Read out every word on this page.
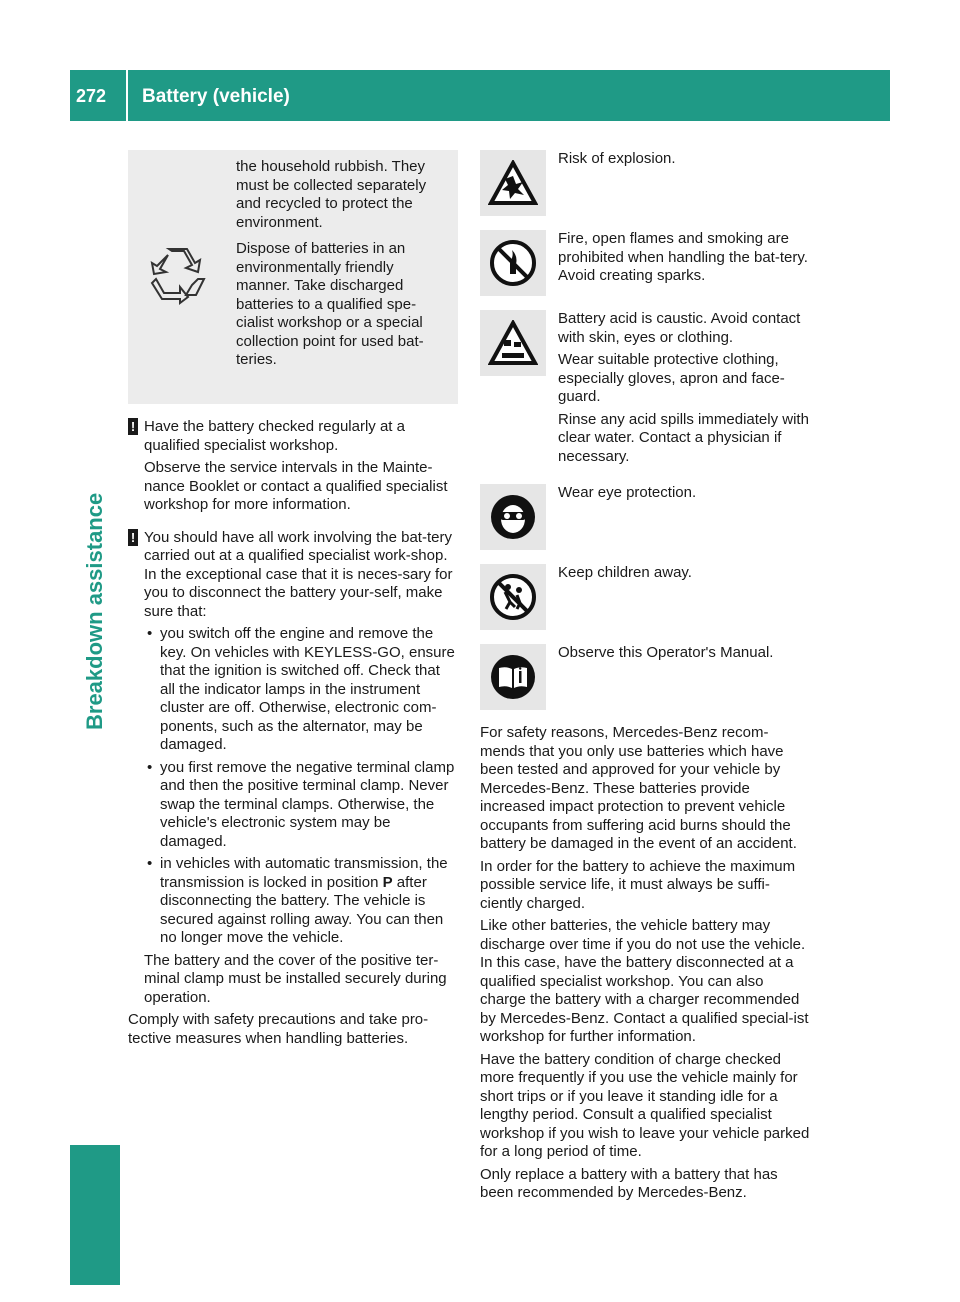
272 Battery (vehicle)
Breakdown assistance

the household rubbish. They must be collected separately and recycled to protect the environment.

Dispose of batteries in an environmentally friendly manner. Take discharged batteries to a qualified spe-cialist workshop or a special collection point for used bat-teries.

! Have the battery checked regularly at a qualified specialist workshop.

Observe the service intervals in the Mainte-nance Booklet or contact a qualified specialist workshop for more information.

! You should have all work involving the bat-tery carried out at a qualified specialist work-shop. In the exceptional case that it is neces-sary for you to disconnect the battery your-self, make sure that:

• you switch off the engine and remove the key. On vehicles with KEYLESS-GO, ensure that the ignition is switched off. Check that all the indicator lamps in the instrument cluster are off. Otherwise, electronic com-ponents, such as the alternator, may be damaged.
• you first remove the negative terminal clamp and then the positive terminal clamp. Never swap the terminal clamps. Otherwise, the vehicle's electronic system may be damaged.
• in vehicles with automatic transmission, the transmission is locked in position P after disconnecting the battery. The vehicle is secured against rolling away. You can then no longer move the vehicle.

The battery and the cover of the positive ter-minal clamp must be installed securely during operation.

Comply with safety precautions and take pro-tective measures when handling batteries.

Risk of explosion.

Fire, open flames and smoking are prohibited when handling the bat-tery. Avoid creating sparks.

Battery acid is caustic. Avoid contact with skin, eyes or clothing.

Wear suitable protective clothing, especially gloves, apron and face-guard.

Rinse any acid spills immediately with clear water. Contact a physician if necessary.

Wear eye protection.

Keep children away.

Observe this Operator's Manual.

For safety reasons, Mercedes-Benz recom-mends that you only use batteries which have been tested and approved for your vehicle by Mercedes-Benz. These batteries provide increased impact protection to prevent vehicle occupants from suffering acid burns should the battery be damaged in the event of an accident.

In order for the battery to achieve the maximum possible service life, it must always be suffi-ciently charged.

Like other batteries, the vehicle battery may discharge over time if you do not use the vehicle. In this case, have the battery disconnected at a qualified specialist workshop. You can also charge the battery with a charger recommended by Mercedes-Benz. Contact a qualified special-ist workshop for further information.

Have the battery condition of charge checked more frequently if you use the vehicle mainly for short trips or if you leave it standing idle for a lengthy period. Consult a qualified specialist workshop if you wish to leave your vehicle parked for a long period of time.

Only replace a battery with a battery that has been recommended by Mercedes-Benz.
